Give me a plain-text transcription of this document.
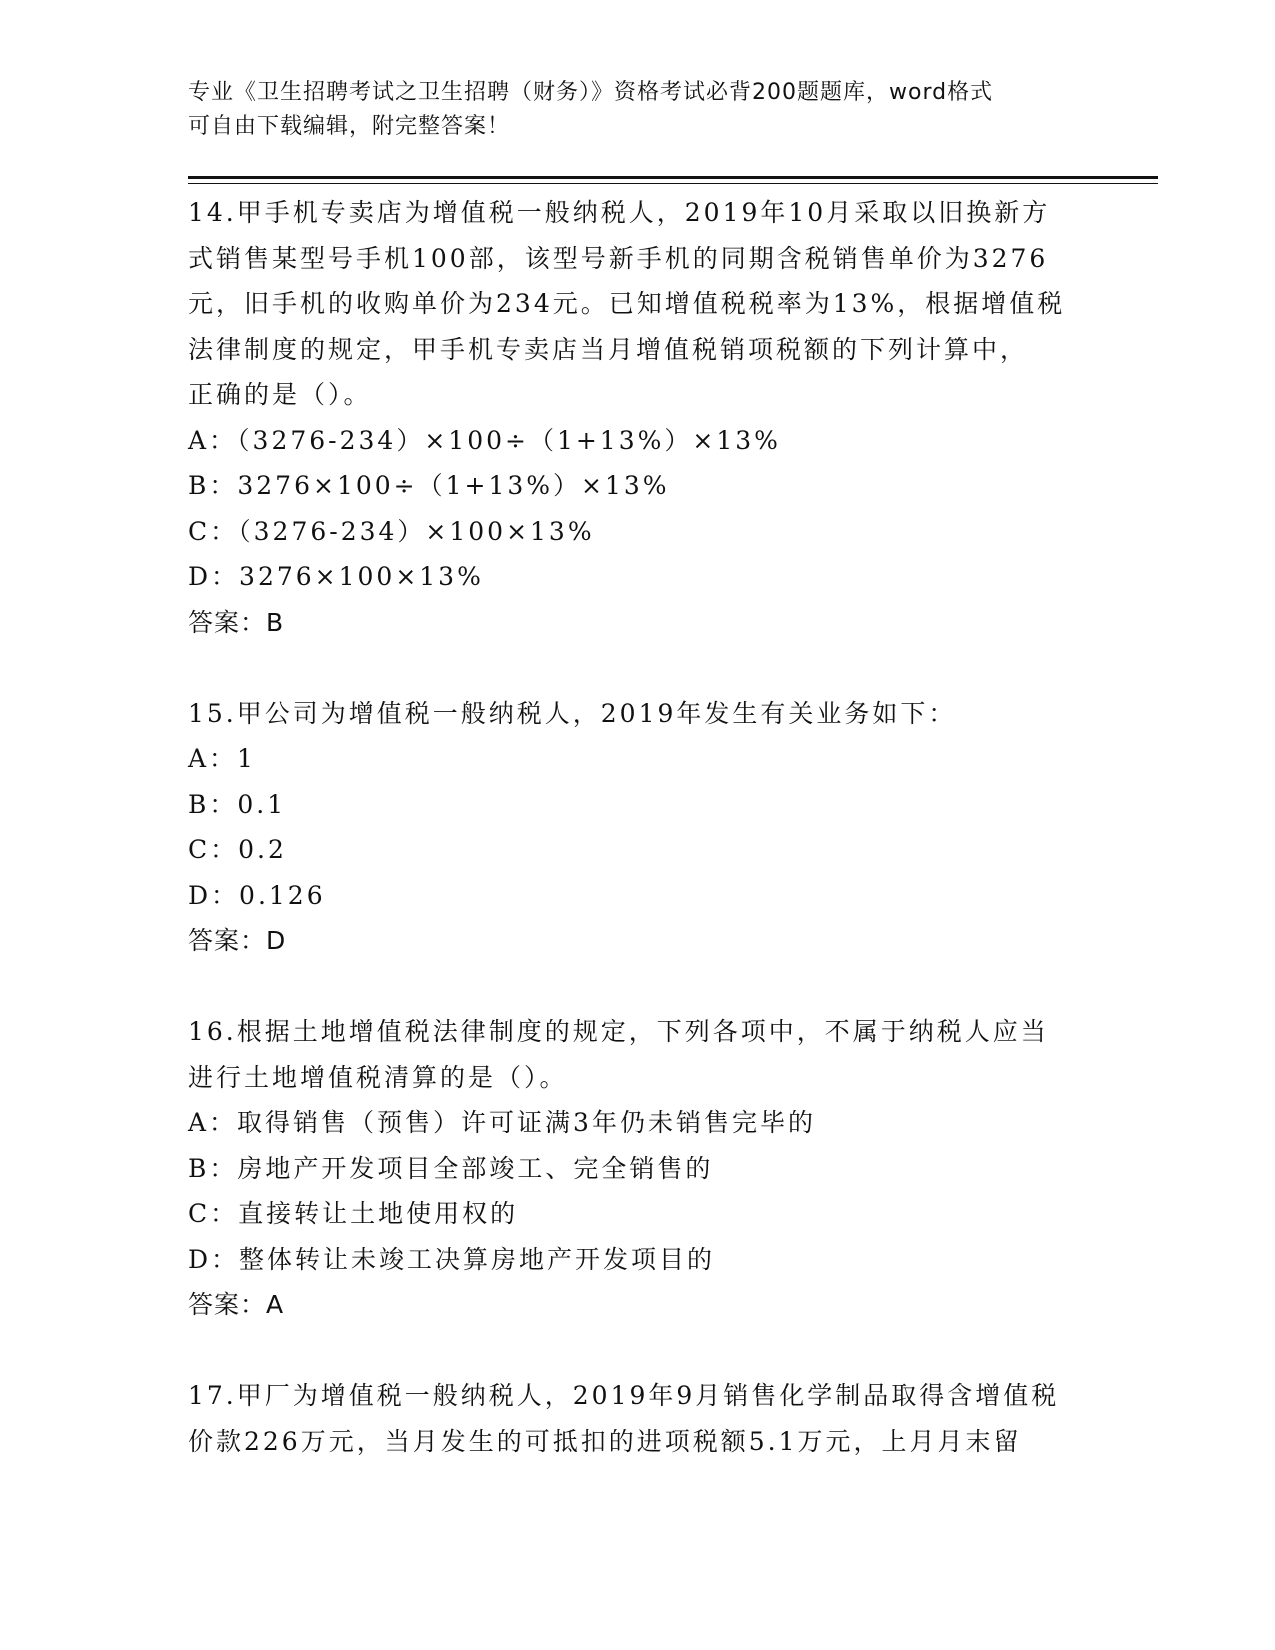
专业《卫生招聘考试之卫生招聘（财务）》资格考试必背200题题库，word格式
可自由下载编辑，附完整答案！
14.甲手机专卖店为增值税一般纳税人，2019年10月采取以旧换新方
式销售某型号手机100部，该型号新手机的同期含税销售单价为3276
元，旧手机的收购单价为234元。已知增值税税率为13%，根据增值税
法律制度的规定，甲手机专卖店当月增值税销项税额的下列计算中，
正确的是（）。
A：（3276-234）×100÷（1+13%）×13%
B：3276×100÷（1+13%）×13%
C：（3276-234）×100×13%
D：3276×100×13%
答案：B
15.甲公司为增值税一般纳税人，2019年发生有关业务如下：
A：1
B：0.1
C：0.2
D：0.126
答案：D
16.根据土地增值税法律制度的规定，下列各项中，不属于纳税人应当
进行土地增值税清算的是（）。
A：取得销售（预售）许可证满3年仍未销售完毕的
B：房地产开发项目全部竣工、完全销售的
C：直接转让土地使用权的
D：整体转让未竣工决算房地产开发项目的
答案：A
17.甲厂为增值税一般纳税人，2019年9月销售化学制品取得含增值税
价款226万元，当月发生的可抵扣的进项税额5.1万元，上月月末留
